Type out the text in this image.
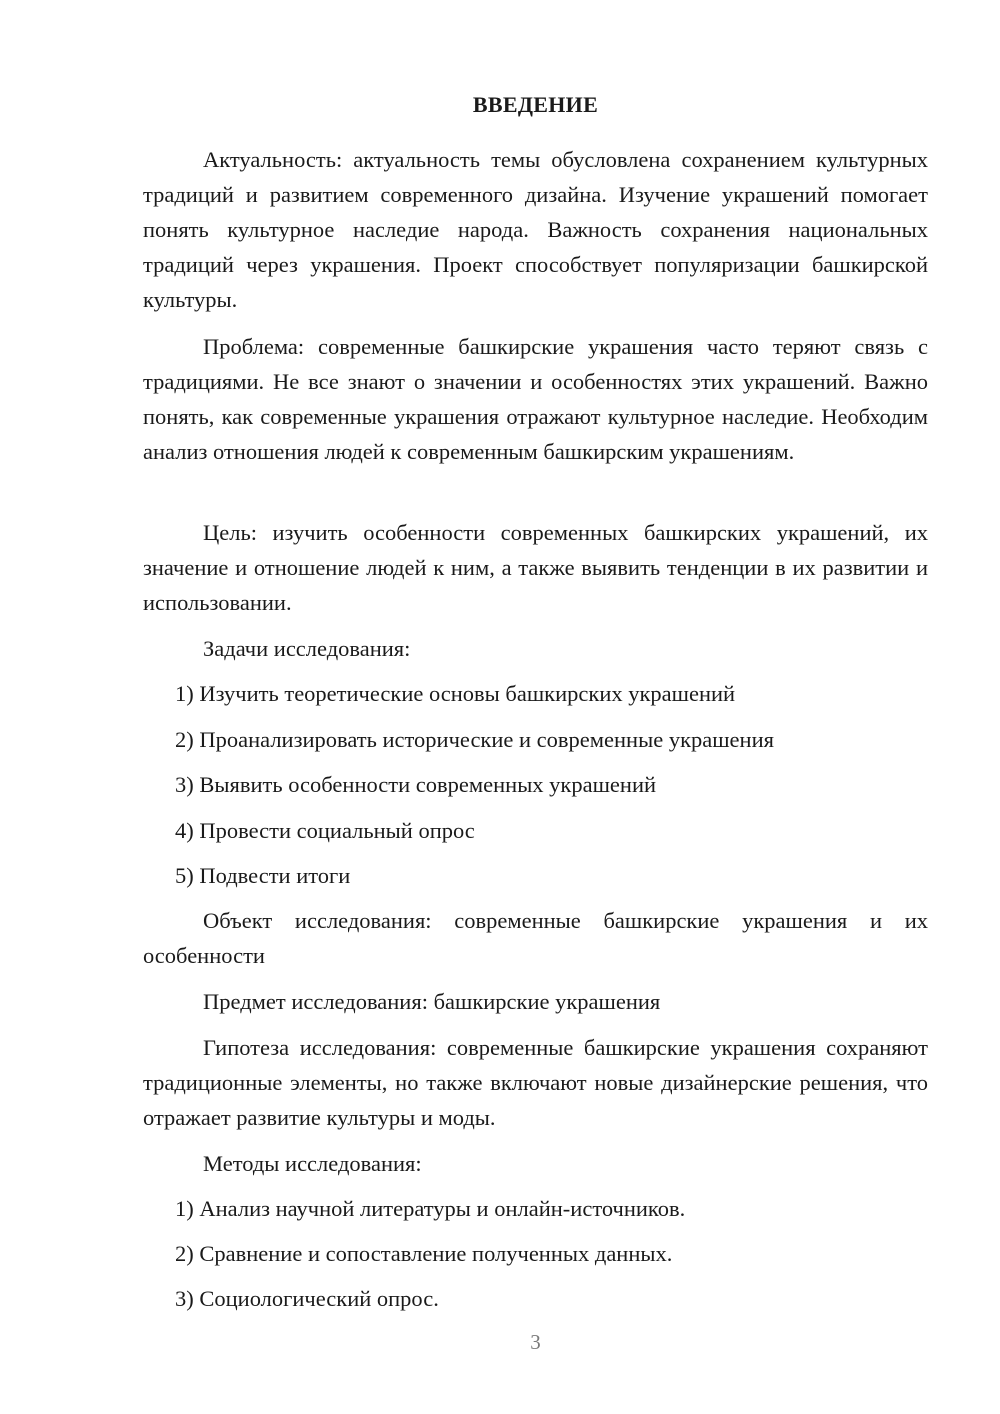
ВВЕДЕНИЕ

Актуальность: актуальность темы обусловлена сохранением культурных традиций и развитием современного дизайна. Изучение украшений помогает понять культурное наследие народа. Важность сохранения национальных традиций через украшения. Проект способствует популяризации башкирской культуры.

Проблема: современные башкирские украшения часто теряют связь с традициями. Не все знают о значении и особенностях этих украшений. Важно понять, как современные украшения отражают культурное наследие. Необходим анализ отношения людей к современным башкирским украшениям.

Цель: изучить особенности современных башкирских украшений, их значение и отношение людей к ним, а также выявить тенденции в их развитии и использовании.

Задачи исследования:
1) Изучить теоретические основы башкирских украшений
2) Проанализировать исторические и современные украшения
3) Выявить особенности современных украшений
4) Провести социальный опрос
5) Подвести итоги

Объект исследования: современные башкирские украшения и их особенности

Предмет исследования: башкирские украшения

Гипотеза исследования: современные башкирские украшения сохраняют традиционные элементы, но также включают новые дизайнерские решения, что отражает развитие культуры и моды.

Методы исследования:
1) Анализ научной литературы и онлайн-источников.
2) Сравнение и сопоставление полученных данных.
3) Социологический опрос.
3
